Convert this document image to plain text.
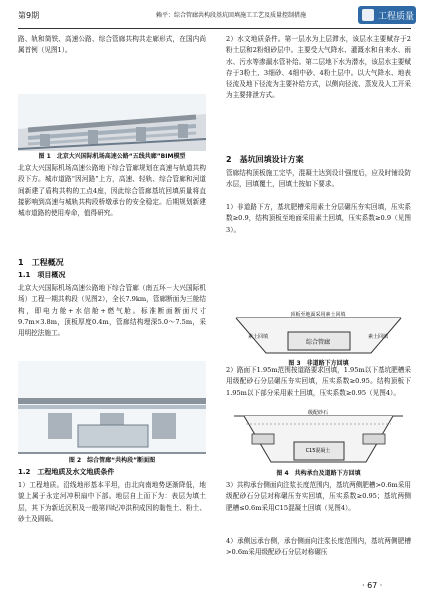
第9期	赖平：综合管廊共构段基坑回填施工工艺及质量控制措施	工程质量

路、轨和简铁、高速公路、综合管廊共构共走廊形式，在国内尚属首例（见图1）。

图 1　北京大兴国际机场高速公路“五线共廊”BIM模型

北京大兴国际机场高速公路地下综合管廊规划在高速与轨道共构段下方。城市道路“因河路”上方，高速、轻轨、综合管廊和河道间新建了盾构共构的工点4座，因此综合管廊基坑回填质量将直接影响到高速与城轨共构段桥墩承台的安全稳定。后期规划新建城市道路的使用寿命，值得研究。

1　工程概况

1.1　项目概况

北京大兴国际机场高速公路地下综合管廊（南五环－大兴国际机场）工程一期共构段（见图2），全长7.9km，管廊断面为三舱结构，即电力舱+水信舱+燃气舱。标准断面断面尺寸9.7m×3.8m，顶板厚度0.4m，管廊结构埋深5.0～7.5m，采用明挖法施工。

图 2　综合管廊“共构段”断面图

1.2　工程地质及水文地质条件

1）工程地质。沿线地形基本平坦，由北向南地势逐渐降低，地貌上属于永定河冲积扇中下部。地层自上而下为：表层为填土层，其下为新近沉积及一般第四纪冲洪积成因的黏性土、粉土、砂土及圆砾。

2）水文地质条件。第一层水为上层滞水，该层水主要赋存于2粉土层和2粉细砂层中。主要受大气降水、灌溉水和自来水、雨水、污水等渗漏水管补给。第二层地下水为潜水，该层水主要赋存于3粉土、3细砂、4细中砂、4粉土层中。以大气降水、地表径流及地下径流为主要补给方式，以侧向径流、蒸发及人工开采为主要排泄方式。

2　基坑回填设计方案

管廊结构顶板施工完毕，混凝土达到设计强度后，应及时铺设防水层，回填覆土，回填土按如下要求。

1）非道路下方，基坑肥槽采用素土分层碾压夯实回填，压实系数≥0.9，结构顶板至地面采用素土回填，压实系数≥0.9（见图3）。

综合管廊
顶板至地面采用素土回填
素土回填	素土回填

图 3　非道路下方回填

2）路面下1.95m范围按道路要求回填，1.95m以下基坑肥槽采用级配砂石分层碾压夯实回填，压实系数≥0.95。结构顶板下1.95m以下部分采用素土回填，压实系数≥0.95（见图4）。

级配砂石
C15混凝土

图 4　共构承台及道路下方回填

3）共构承台侧面向注浆长度范围内，基坑两侧肥槽>0.6m采用级配砂石分层对称碾压夯实回填，压实系数≥0.95；基坑两侧肥槽≤0.6m采用C15混凝土回填（见图4）。

4）承侧远承台侧，承台侧面向注浆长度范围内，基坑两侧肥槽>0.6m采用级配砂石分层对称碾压

· 67 ·
